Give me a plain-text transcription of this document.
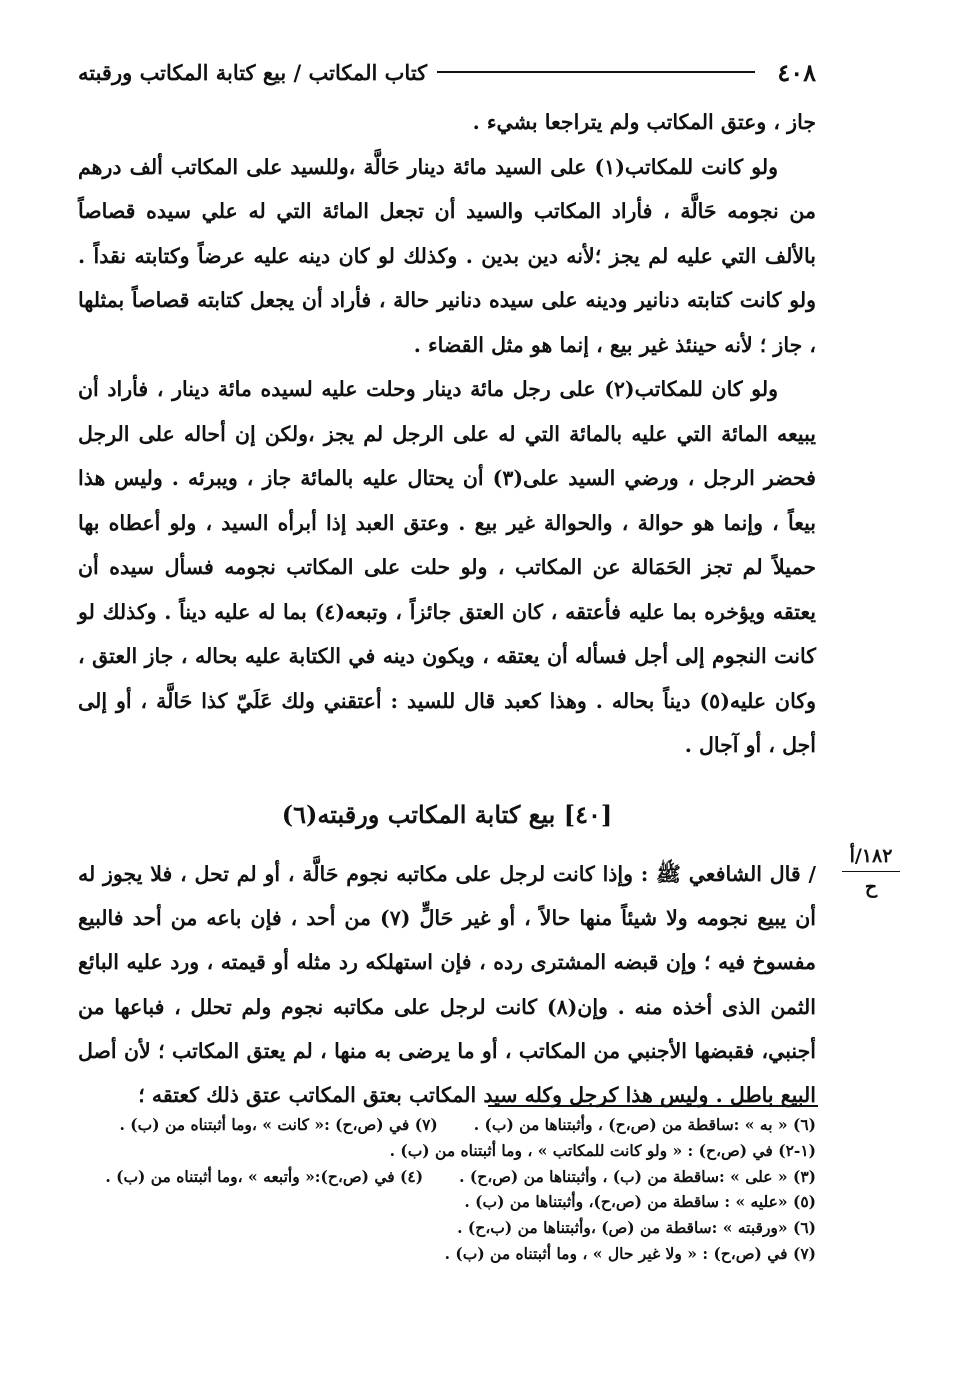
٤٠٨
كتاب المكاتب / بيع كتابة المكاتب ورقبته

جاز ، وعتق المكاتب ولم يتراجعا بشيء .

ولو كانت للمكاتب(١) على السيد مائة دينار حَالَّة ،وللسيد على المكاتب ألف درهم من نجومه حَالَّة ، فأراد المكاتب والسيد أن تجعل المائة التي له علي سيده قصاصاً بالألف التي عليه لم يجز ؛لأنه دين بدين . وكذلك لو كان دينه عليه عرضاً وكتابته نقداً . ولو كانت كتابته دنانير ودينه على سيده دنانير حالة ، فأراد أن يجعل كتابته قصاصاً بمثلها ، جاز ؛ لأنه حينئذ غير بيع ، إنما هو مثل القضاء .

ولو كان للمكاتب(٢) على رجل مائة دينار وحلت عليه لسيده مائة دينار ، فأراد أن يبيعه المائة التي عليه بالمائة التي له على الرجل لم يجز ،ولكن إن أحاله على الرجل فحضر الرجل ، ورضي السيد على(٣) أن يحتال عليه بالمائة جاز ، ويبرئه . وليس هذا بيعاً ، وإنما هو حوالة ، والحوالة غير بيع . وعتق العبد إذا أبرأه السيد ، ولو أعطاه بها حميلاً لم تجز الحَمَالة عن المكاتب ، ولو حلت على المكاتب نجومه فسأل سيده أن يعتقه ويؤخره بما عليه فأعتقه ، كان العتق جائزاً ، وتبعه(٤) بما له عليه ديناً . وكذلك لو كانت النجوم إلى أجل فسأله أن يعتقه ، ويكون دينه في الكتابة عليه بحاله ، جاز العتق ، وكان عليه(٥) ديناً بحاله . وهذا كعبد قال للسيد : أعتقني ولك عَلَيّ كذا حَالَّة ، أو إلى أجل ، أو آجال .

[٤٠] بيع كتابة المكاتب ورقبته(٦)
١٨٢/أ
ح

/ قال الشافعي ﷺ : وإذا كانت لرجل على مكاتبه نجوم حَالَّة ، أو لم تحل ، فلا يجوز له أن يبيع نجومه ولا شيئاً منها حالاً ، أو غير حَالٍّ (٧) من أحد ، فإن باعه من أحد فالبيع مفسوخ فيه ؛ وإن قبضه المشترى رده ، فإن استهلكه رد مثله أو قيمته ، ورد عليه البائع الثمن الذى أخذه منه . وإن(٨) كانت لرجل على مكاتبه نجوم ولم تحلل ، فباعها من أجنبي، فقبضها الأجنبي من المكاتب ، أو ما يرضى به منها ، لم يعتق المكاتب ؛ لأن أصل البيع باطل . وليس هذا كرجل وكله سيد المكاتب بعتق المكاتب عتق ذلك كعتقه ؛

(٦) « به » :ساقطة من (ص،ح) ، وأثبتناها من (ب) .(٧) في (ص،ح) :« كانت » ،وما أثبتناه من (ب) .
(١-٢) في (ص،ح) : « ولو كانت للمكاتب » ، وما أثبتناه من (ب) .
(٣) « على » :ساقطة من (ب) ، وأثبتناها من (ص،ح) .(٤) في (ص،ح):« وأتبعه » ،وما أثبتناه من (ب) .
(٥) «عليه » : ساقطة من (ص،ح)، وأثبتناها من (ب) .
(٦) «ورقبته » :ساقطة من (ص) ،وأثبتناها من (ب،ح) .
(٧) في (ص،ح) : « ولا غير حال » ، وما أثبتناه من (ب) .
